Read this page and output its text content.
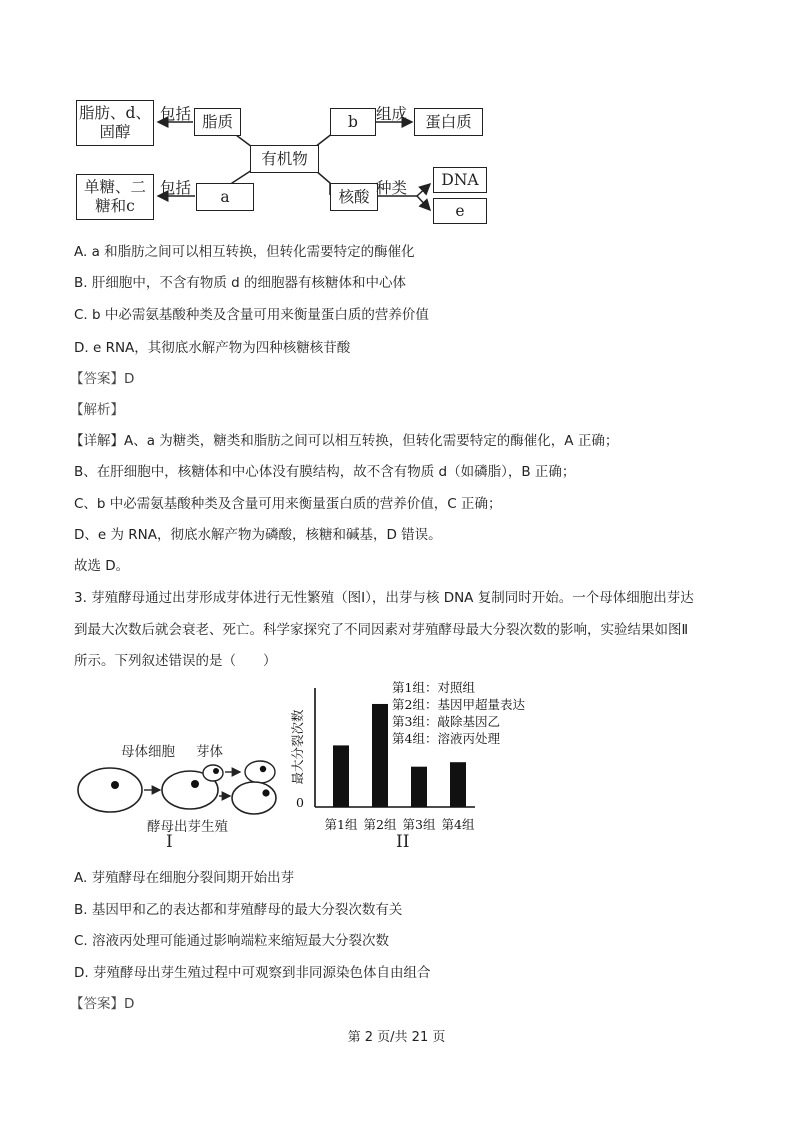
脂肪、d、固醇
包括 脂质
有机物
b 组成 蛋白质
单糖、二糖和c
包括 a	核酸 种类 DNA
e
A. a 和脂肪之间可以相互转换，但转化需要特定的酶催化
B. 肝细胞中，不含有物质 d 的细胞器有核糖体和中心体
C. b 中必需氨基酸种类及含量可用来衡量蛋白质的营养价值
D. e RNA，其彻底水解产物为四种核糖核苷酸
【答案】D
【解析】
【详解】A、a 为糖类，糖类和脂肪之间可以相互转换，但转化需要特定的酶催化，A 正确；
B、在肝细胞中，核糖体和中心体没有膜结构，故不含有物质 d（如磷脂），B 正确；
C、b 中必需氨基酸种类及含量可用来衡量蛋白质的营养价值，C 正确；
D、e 为 RNA，彻底水解产物为磷酸，核糖和碱基，D 错误。
故选 D。
3. 芽殖酵母通过出芽形成芽体进行无性繁殖（图Ⅰ），出芽与核 DNA 复制同时开始。一个母体细胞出芽达
到最大次数后就会衰老、死亡。科学家探究了不同因素对芽殖酵母最大分裂次数的影响，实验结果如图Ⅱ
所示。下列叙述错误的是（　　）
母体细胞 芽体
酵母出芽生殖
I
0
最大分裂次数
第1组 第2组 第3组 第4组
第1组：对照组
第2组：基因甲超量表达
第3组：敲除基因乙
第4组：溶液丙处理
II
A. 芽殖酵母在细胞分裂间期开始出芽
B. 基因甲和乙的表达都和芽殖酵母的最大分裂次数有关
C. 溶液丙处理可能通过影响端粒来缩短最大分裂次数
D. 芽殖酵母出芽生殖过程中可观察到非同源染色体自由组合
【答案】D
第 2 页/共 21 页
